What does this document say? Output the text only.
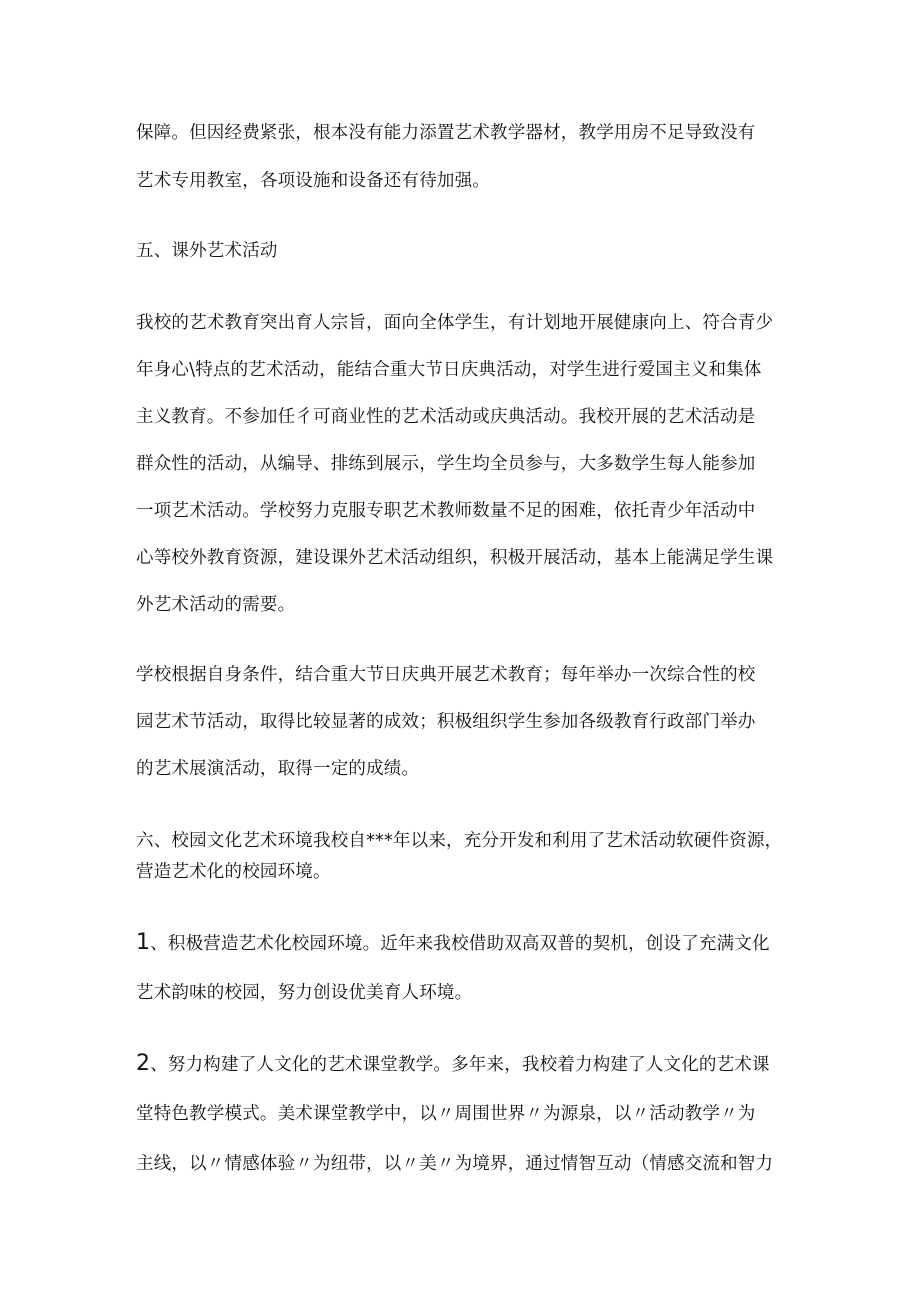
保障。但因经费紧张，根本没有能力添置艺术教学器材，教学用房不足导致没有
艺术专用教室，各项设施和设备还有待加强。
五、课外艺术活动
我校的艺术教育突出育人宗旨，面向全体学生，有计划地开展健康向上、符合青少
年身心\特点的艺术活动，能结合重大节日庆典活动，对学生进行爱国主义和集体
主义教育。不参加任彳可商业性的艺术活动或庆典活动。我校开展的艺术活动是
群众性的活动，从编导、排练到展示，学生均全员参与，大多数学生每人能参加
一项艺术活动。学校努力克服专职艺术教师数量不足的困难，依托青少年活动中
心等校外教育资源，建设课外艺术活动组织，积极开展活动，基本上能满足学生课
外艺术活动的需要。
学校根据自身条件，结合重大节日庆典开展艺术教育；每年举办一次综合性的校
园艺术节活动，取得比较显著的成效；积极组织学生参加各级教育行政部门举办
的艺术展演活动，取得一定的成绩。
六、校园文化艺术环境我校自***年以来，充分开发和利用了艺术活动软硬件资源，
营造艺术化的校园环境。
1、积极营造艺术化校园环境。近年来我校借助双高双普的契机，创设了充满文化
艺术韵味的校园，努力创设优美育人环境。
2、努力构建了人文化的艺术课堂教学。多年来，我校着力构建了人文化的艺术课
堂特色教学模式。美术课堂教学中，以〃周围世界〃为源泉，以〃活动教学〃为
主线，以〃情感体验〃为纽带，以〃美〃为境界，通过情智互动（情感交流和智力
